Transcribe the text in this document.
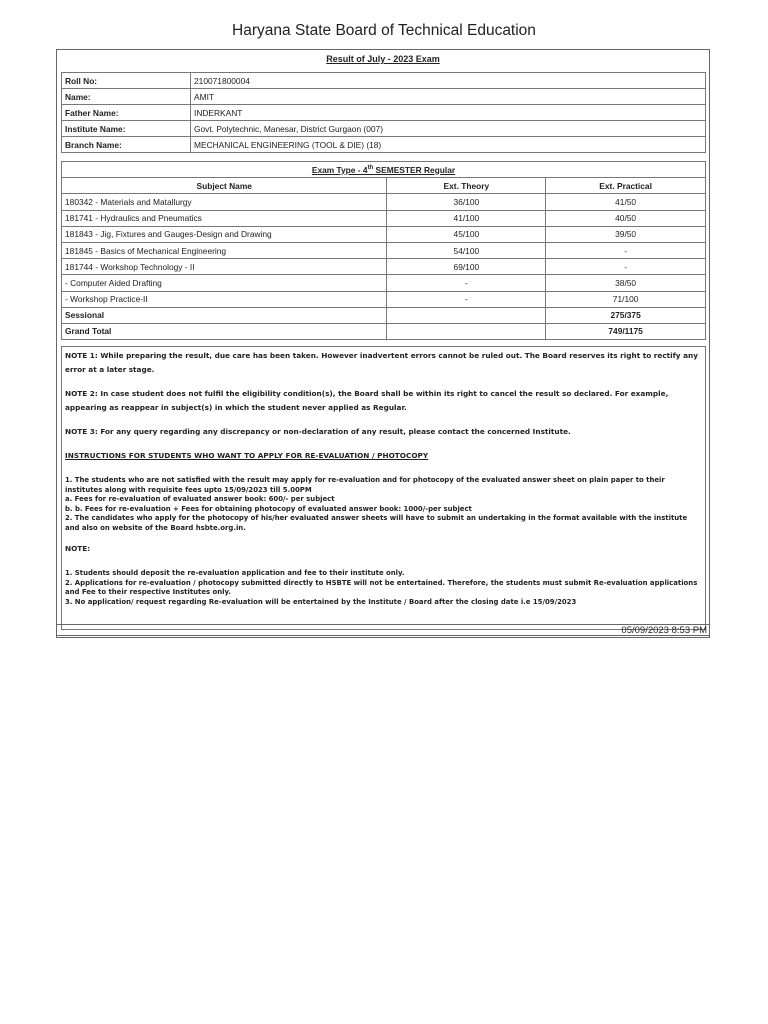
Haryana State Board of Technical Education
Result of July - 2023 Exam
Roll No:	210071800004
Name:	AMIT
Father Name:	INDERKANT
Institute Name:	Govt. Polytechnic, Manesar, District Gurgaon (007)
Branch Name:	MECHANICAL ENGINEERING (TOOL & DIE) (18)
Exam Type - 4th SEMESTER Regular		
Subject Name	Ext. Theory	Ext. Practical
180342 - Materials and Matallurgy	36/100	41/50
181741 - Hydraulics and Pneumatics	41/100	40/50
181843 - Jig, Fixtures and Gauges-Design and Drawing	45/100	39/50
181845 - Basics of Mechanical Engineering	54/100	-
181744 - Workshop Technology - II	69/100	-
- Computer Aided Drafting	-	38/50
- Workshop Practice-II	-	71/100
Sessional		275/375
Grand Total		749/1175

NOTE 1: While preparing the result, due care has been taken. However inadvertent errors cannot be ruled out. The Board reserves its right to rectify any error at a later stage.

NOTE 2: In case student does not fulfil the eligibility condition(s), the Board shall be within its right to cancel the result so declared. For example, appearing as reappear in subject(s) in which the student never applied as Regular.

NOTE 3: For any query regarding any discrepancy or non-declaration of any result, please contact the concerned Institute.

INSTRUCTIONS FOR STUDENTS WHO WANT TO APPLY FOR RE-EVALUATION / PHOTOCOPY

1. The students who are not satisfied with the result may apply for re-evaluation and for photocopy of the evaluated answer sheet on plain paper to their institutes along with requisite fees upto 15/09/2023 till 5.00PM

a. Fees for re-evaluation of evaluated answer book: 600/- per subject

b. b. Fees for re-evaluation + Fees for obtaining photocopy of evaluated answer book: 1000/-per subject

2. The candidates who apply for the photocopy of his/her evaluated answer sheets will have to submit an undertaking in the format available with the institute and also on website of the Board hsbte.org.in.

NOTE:

1. Students should deposit the re-evaluation application and fee to their institute only.

2. Applications for re-evaluation / photocopy submitted directly to HSBTE will not be entertained. Therefore, the students must submit Re-evaluation applications and Fee to their respective Institutes only.

3. No application/ request regarding Re-evaluation will be entertained by the Institute / Board after the closing date i.e 15/09/2023

05/09/2023 8:53 PM
